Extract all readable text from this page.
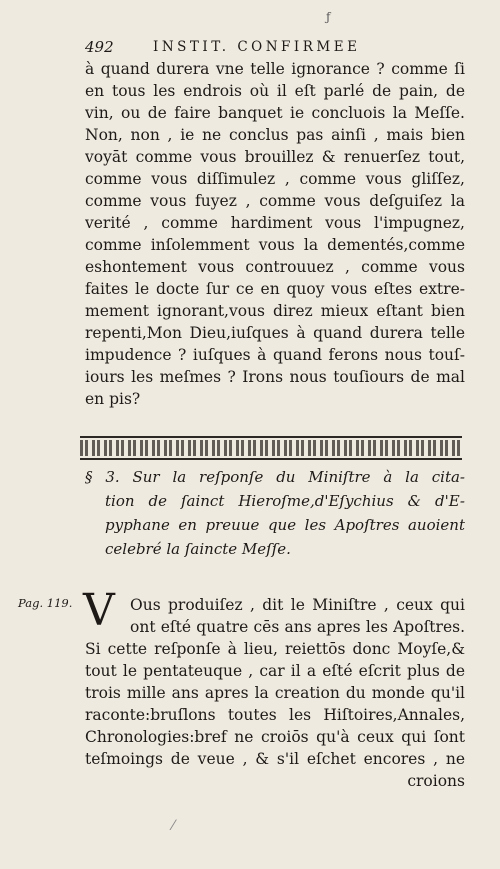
ƒ
492	INSTIT. CONFIRMEE
à quand durera vne telle ignorance ? comme ſi
en tous les endrois où il eſt parlé de pain, de
vin, ou de faire banquet ie concluois la Meſſe.
Non, non , ie ne conclus pas ainſi , mais bien
voyāt comme vous brouillez & renuerſez tout,
comme vous diſſimulez , comme vous gliſſez,
comme vous fuyez , comme vous deſguiſez la
verité , comme hardiment vous l'impugnez,
comme inſolemment vous la dementés,comme
eshontement vous controuuez , comme vous
faites le docte ſur ce en quoy vous eſtes extre-
mement ignorant,vous direz mieux eſtant bien
repenti,Mon Dieu,iuſques à quand durera telle
impudence ? iuſques à quand ferons nous touſ-
iours les meſmes ? Irons nous touſiours de mal
en pis?
§ 3. Sur la reſponſe du Miniſtre à la cita-
tion de ſainct Hieroſme,d'Eſychius & d'E-
pyphane en preuue que les Apoſtres auoient
celebré la ſaincte Meſſe.
Pag. 119. V Ous produiſez , dit le Miniſtre , ceux qui
ont eſté quatre cēs ans apres les Apoſtres.
Si cette reſponſe à lieu, reiettōs donc Moyſe,&
tout le pentateuque , car il a eſté eſcrit plus de
trois mille ans apres la creation du monde qu'il
raconte:bruſlons toutes les Hiſtoires,Annales,
Chronologies:bref ne croiōs qu'à ceux qui ſont
teſmoings de veue , & s'il eſchet encores , ne
croions
⁄
